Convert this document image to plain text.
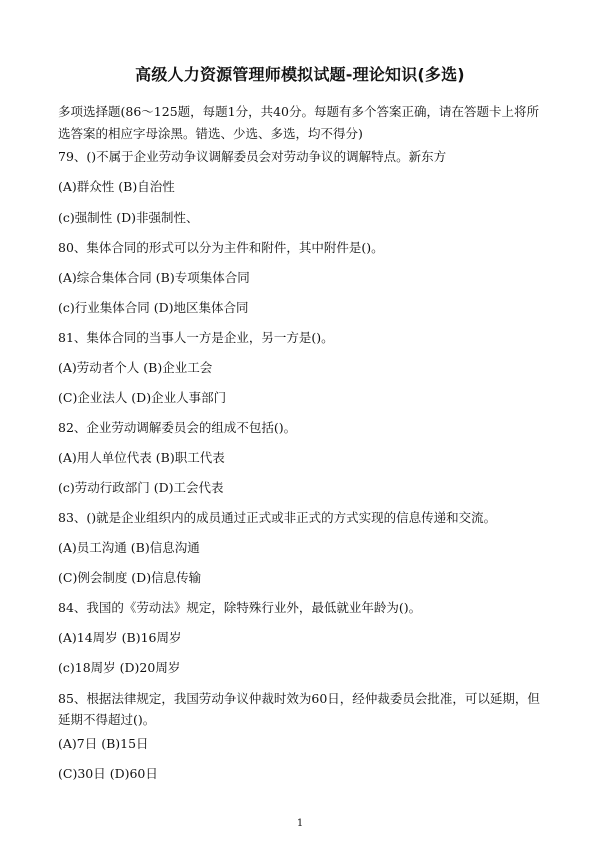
高级人力资源管理师模拟试题-理论知识(多选)
多项选择题(86～125题，每题1分，共40分。每题有多个答案正确，请在答题卡上将所选答案的相应字母涂黑。错选、少选、多选，均不得分)
79、()不属于企业劳动争议调解委员会对劳动争议的调解特点。新东方
(A)群众性 (B)自治性
(c)强制性 (D)非强制性、
80、集体合同的形式可以分为主件和附件，其中附件是()。
(A)综合集体合同 (B)专项集体合同
(c)行业集体合同 (D)地区集体合同
81、集体合同的当事人一方是企业，另一方是()。
(A)劳动者个人 (B)企业工会
(C)企业法人 (D)企业人事部门
82、企业劳动调解委员会的组成不包括()。
(A)用人单位代表 (B)职工代表
(c)劳动行政部门 (D)工会代表
83、()就是企业组织内的成员通过正式或非正式的方式实现的信息传递和交流。
(A)员工沟通 (B)信息沟通
(C)例会制度 (D)信息传输
84、我国的《劳动法》规定，除特殊行业外，最低就业年龄为()。
(A)14周岁 (B)16周岁
(c)18周岁 (D)20周岁
85、根据法律规定，我国劳动争议仲裁时效为60日，经仲裁委员会批准，可以延期，但延期不得超过()。
(A)7日 (B)15日
(C)30日 (D)60日
1
